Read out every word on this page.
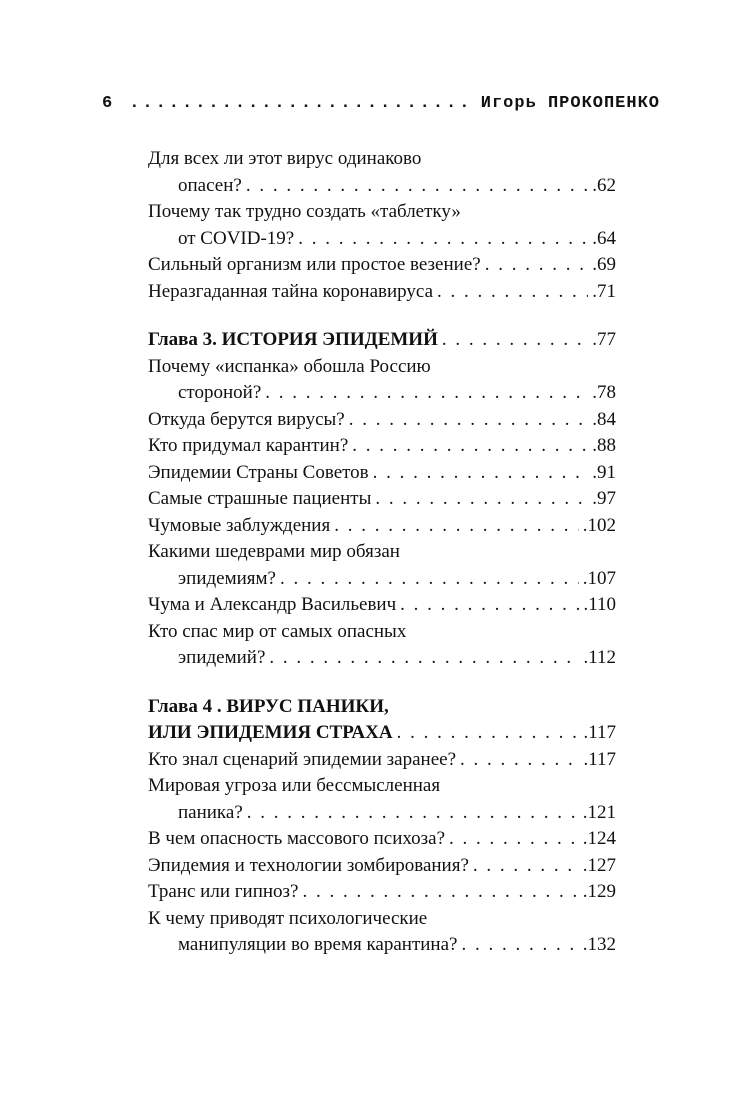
6 .....	Игорь ПРОКОПЕНКО
Для всех ли этот вирус одинаково
опасен? . . .	.62
Почему так трудно создать «таблетку»
от COVID-19? . . .	.64
Сильный организм или простое везение? . . .	.69
Неразгаданная тайна коронавируса . . .	.71
Глава 3. ИСТОРИЯ ЭПИДЕМИЙ . . .	.77
Почему «испанка» обошла Россию
стороной? . . .	.78
Откуда берутся вирусы? . . .	.84
Кто придумал карантин? . . .	.88
Эпидемии Страны Советов . . .	.91
Самые страшные пациенты . . .	.97
Чумовые заблуждения . . .	.102
Какими шедеврами мир обязан
эпидемиям? . . .	.107
Чума и Александр Васильевич . . .	.110
Кто спас мир от самых опасных
эпидемий? . . .	.112
Глава 4 . ВИРУС ПАНИКИ,
ИЛИ ЭПИДЕМИЯ СТРАХА . . .	.117
Кто знал сценарий эпидемии заранее? . . .	.117
Мировая угроза или бессмысленная
паника? . . .	.121
В чем опасность массового психоза? . . .	.124
Эпидемия и технологии зомбирования? . . .	.127
Транс или гипноз? . . .	.129
К чему приводят психологические
манипуляции во время карантина? . . .	.132
